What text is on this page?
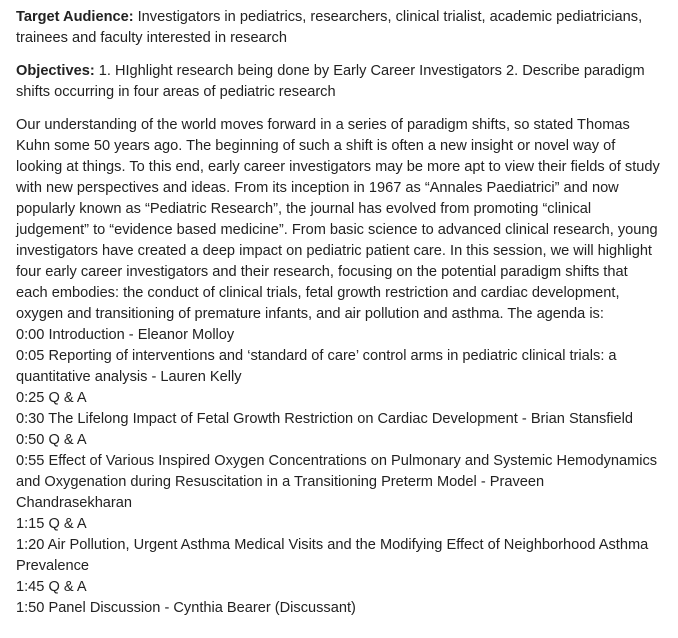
Target Audience: Investigators in pediatrics, researchers, clinical trialist, academic pediatricians, trainees and faculty interested in research

Objectives: 1. HIghlight research being done by Early Career Investigators 2. Describe paradigm shifts occurring in four areas of pediatric research

Our understanding of the world moves forward in a series of paradigm shifts, so stated Thomas Kuhn some 50 years ago. The beginning of such a shift is often a new insight or novel way of looking at things. To this end, early career investigators may be more apt to view their fields of study with new perspectives and ideas. From its inception in 1967 as “Annales Paediatrici” and now popularly known as “Pediatric Research”, the journal has evolved from promoting “clinical judgement” to “evidence based medicine”. From basic science to advanced clinical research, young investigators have created a deep impact on pediatric patient care. In this session, we will highlight four early career investigators and their research, focusing on the potential paradigm shifts that each embodies: the conduct of clinical trials, fetal growth restriction and cardiac development, oxygen and transitioning of premature infants, and air pollution and asthma. The agenda is:
0:00 Introduction - Eleanor Molloy
0:05 Reporting of interventions and ‘standard of care’ control arms in pediatric clinical trials: a quantitative analysis - Lauren Kelly
0:25 Q & A
0:30 The Lifelong Impact of Fetal Growth Restriction on Cardiac Development - Brian Stansfield
0:50 Q & A
0:55 Effect of Various Inspired Oxygen Concentrations on Pulmonary and Systemic Hemodynamics and Oxygenation during Resuscitation in a Transitioning Preterm Model - Praveen Chandrasekharan
1:15 Q & A
1:20 Air Pollution, Urgent Asthma Medical Visits and the Modifying Effect of Neighborhood Asthma Prevalence
1:45 Q & A
1:50 Panel Discussion - Cynthia Bearer (Discussant)
